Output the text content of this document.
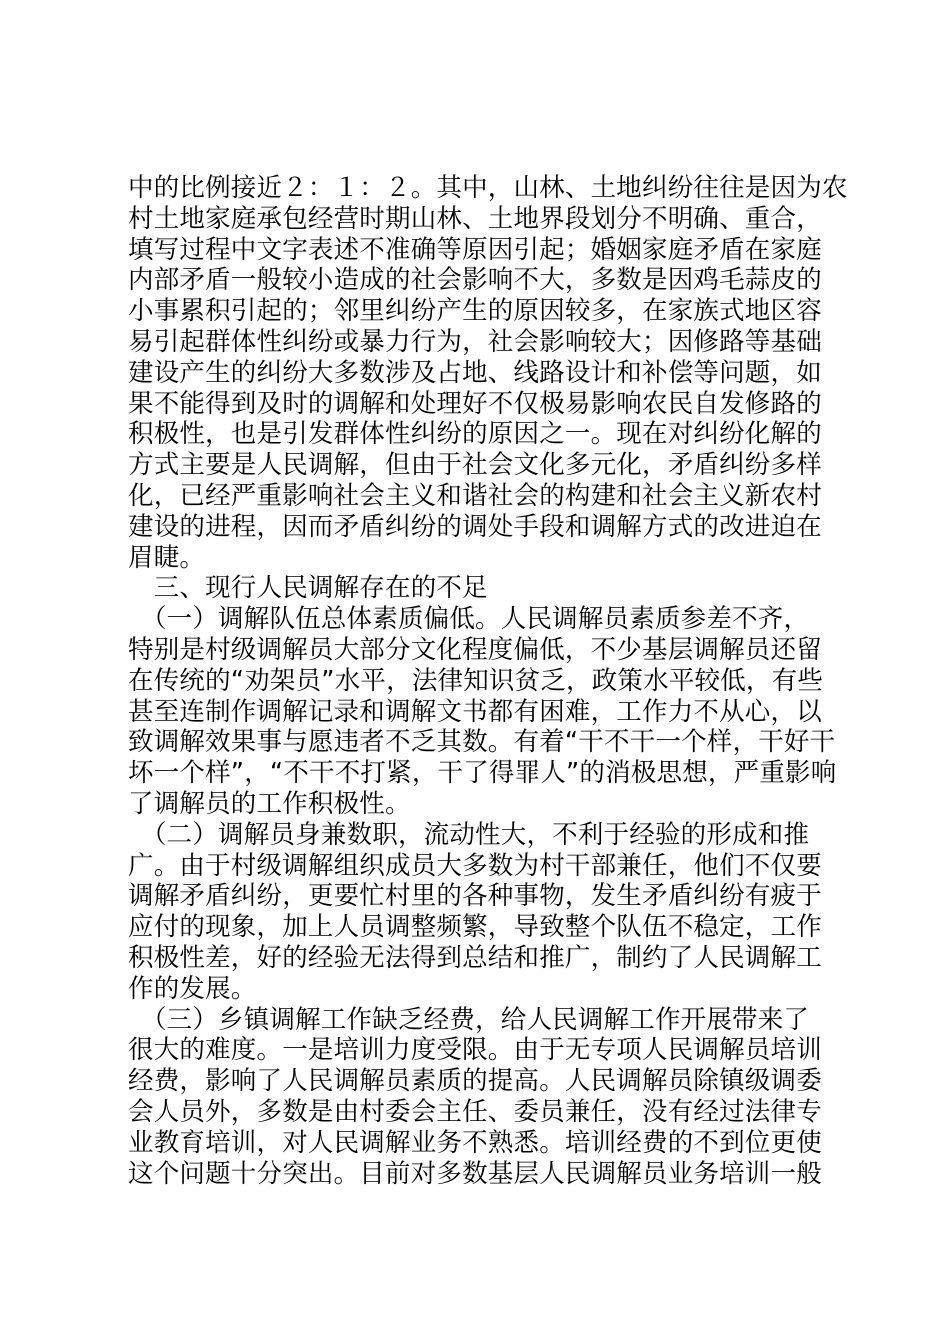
中的比例接近２：１：２。其中，山林、土地纠纷往往是因为农
村土地家庭承包经营时期山林、土地界段划分不明确、重合，
填写过程中文字表述不准确等原因引起；婚姻家庭矛盾在家庭
内部矛盾一般较小造成的社会影响不大，多数是因鸡毛蒜皮的
小事累积引起的；邻里纠纷产生的原因较多，在家族式地区容
易引起群体性纠纷或暴力行为，社会影响较大；因修路等基础
建设产生的纠纷大多数涉及占地、线路设计和补偿等问题，如
果不能得到及时的调解和处理好不仅极易影响农民自发修路的
积极性，也是引发群体性纠纷的原因之一。现在对纠纷化解的
方式主要是人民调解，但由于社会文化多元化，矛盾纠纷多样
化，已经严重影响社会主义和谐社会的构建和社会主义新农村
建设的进程，因而矛盾纠纷的调处手段和调解方式的改进迫在
眉睫。
　三、现行人民调解存在的不足
　（一）调解队伍总体素质偏低。人民调解员素质参差不齐，
特别是村级调解员大部分文化程度偏低，不少基层调解员还留
在传统的“劝架员”水平，法律知识贫乏，政策水平较低，有些
甚至连制作调解记录和调解文书都有困难，工作力不从心，以
致调解效果事与愿违者不乏其数。有着“干不干一个样，干好干
坏一个样”，“不干不打紧，干了得罪人”的消极思想，严重影响
了调解员的工作积极性。
　（二）调解员身兼数职，流动性大，不利于经验的形成和推
广。由于村级调解组织成员大多数为村干部兼任，他们不仅要
调解矛盾纠纷，更要忙村里的各种事物，发生矛盾纠纷有疲于
应付的现象，加上人员调整频繁，导致整个队伍不稳定，工作
积极性差，好的经验无法得到总结和推广，制约了人民调解工
作的发展。
　（三）乡镇调解工作缺乏经费，给人民调解工作开展带来了
很大的难度。一是培训力度受限。由于无专项人民调解员培训
经费，影响了人民调解员素质的提高。人民调解员除镇级调委
会人员外，多数是由村委会主任、委员兼任，没有经过法律专
业教育培训，对人民调解业务不熟悉。培训经费的不到位更使
这个问题十分突出。目前对多数基层人民调解员业务培训一般
